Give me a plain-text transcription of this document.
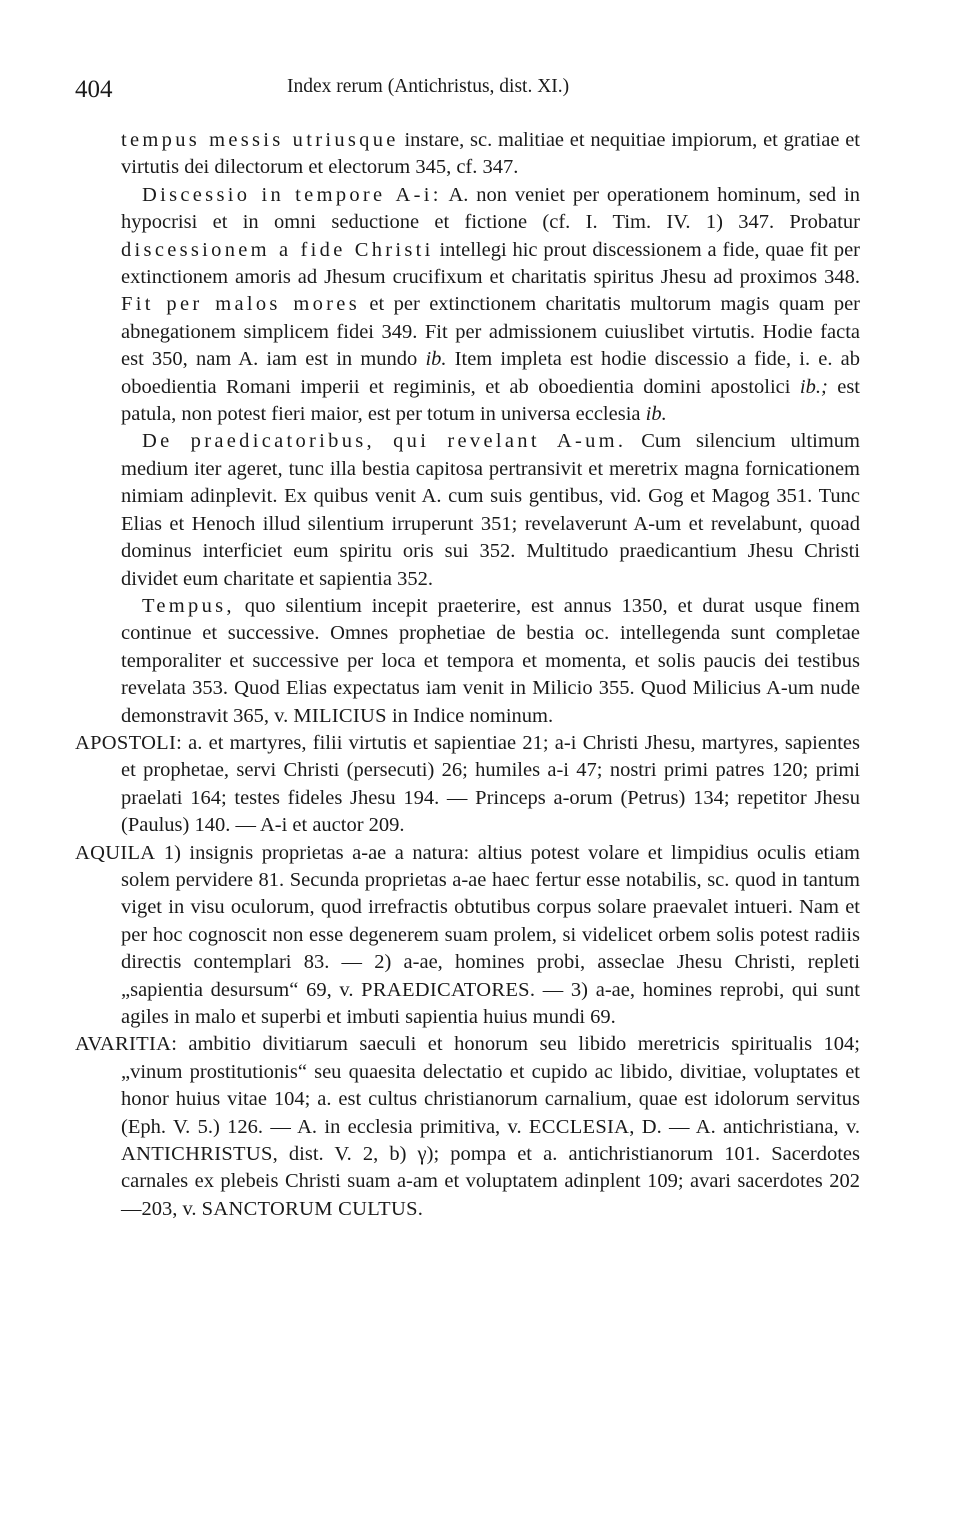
404	Index rerum (Antichristus, dist. XI.)

tempus messis utriusque instare, sc. malitiae et nequitiae impiorum, et gratiae et virtutis dei dilectorum et electorum 345, cf. 347.

Discessio in tempore A-i: A. non veniet per operationem hominum, sed in hypocrisi et in omni seductione et fictione (cf. I. Tim. IV. 1) 347. Probatur discessionem a fide Christi intellegi hic prout discessionem a fide, quae fit per extinctionem amoris ad Jhesum crucifixum et charitatis spiritus Jhesu ad proximos 348. Fit per malos mores et per extinctionem charitatis multorum magis quam per abnegationem simplicem fidei 349. Fit per admissionem cuiuslibet virtutis. Hodie facta est 350, nam A. iam est in mundo ib. Item impleta est hodie discessio a fide, i. e. ab oboedientia Romani imperii et regiminis, et ab oboedientia domini apostolici ib.; est patula, non potest fieri maior, est per totum in universa ecclesia ib.

De praedicatoribus, qui revelant A-um. Cum silencium ultimum medium iter ageret, tunc illa bestia capitosa pertransivit et meretrix magna fornicationem nimiam adinplevit. Ex quibus venit A. cum suis gentibus, vid. Gog et Magog 351. Tunc Elias et Henoch illud silentium irruperunt 351; revelaverunt A-um et revelabunt, quoad dominus interficiet eum spiritu oris sui 352. Multitudo praedicantium Jhesu Christi dividet eum charitate et sapientia 352.

Tempus, quo silentium incepit praeterire, est annus 1350, et durat usque finem continue et successive. Omnes prophetiae de bestia oc. intellegenda sunt completae temporaliter et successive per loca et tempora et momenta, et solis paucis dei testibus revelata 353. Quod Elias expectatus iam venit in Milicio 355. Quod Milicius A-um nude demonstravit 365, v. MILICIUS in Indice nominum.

APOSTOLI: a. et martyres, filii virtutis et sapientiae 21; a-i Christi Jhesu, martyres, sapientes et prophetae, servi Christi (persecuti) 26; humiles a-i 47; nostri primi patres 120; primi praelati 164; testes fideles Jhesu 194. — Princeps a-orum (Petrus) 134; repetitor Jhesu (Paulus) 140. — A-i et auctor 209.

AQUILA 1) insignis proprietas a-ae a natura: altius potest volare et limpidius oculis etiam solem pervidere 81. Secunda proprietas a-ae haec fertur esse notabilis, sc. quod in tantum viget in visu oculorum, quod irrefractis obtutibus corpus solare praevalet intueri. Nam et per hoc cognoscit non esse degenerem suam prolem, si videlicet orbem solis potest radiis directis contemplari 83. — 2) a-ae, homines probi, asseclae Jhesu Christi, repleti „sapientia desursum“ 69, v. PRAEDICATORES. — 3) a-ae, homines reprobi, qui sunt agiles in malo et superbi et imbuti sapientia huius mundi 69.

AVARITIA: ambitio divitiarum saeculi et honorum seu libido meretricis spiritualis 104; „vinum prostitutionis“ seu quaesita delectatio et cupido ac libido, divitiae, voluptates et honor huius vitae 104; a. est cultus christianorum carnalium, quae est idolorum servitus (Eph. V. 5.) 126. — A. in ecclesia primitiva, v. ECCLESIA, D. — A. antichristiana, v. ANTICHRISTUS, dist. V. 2, b) γ); pompa et a. antichristianorum 101. Sacerdotes carnales ex plebeis Christi suam a-am et voluptatem adinplent 109; avari sacerdotes 202—203, v. SANCTORUM CULTUS.
